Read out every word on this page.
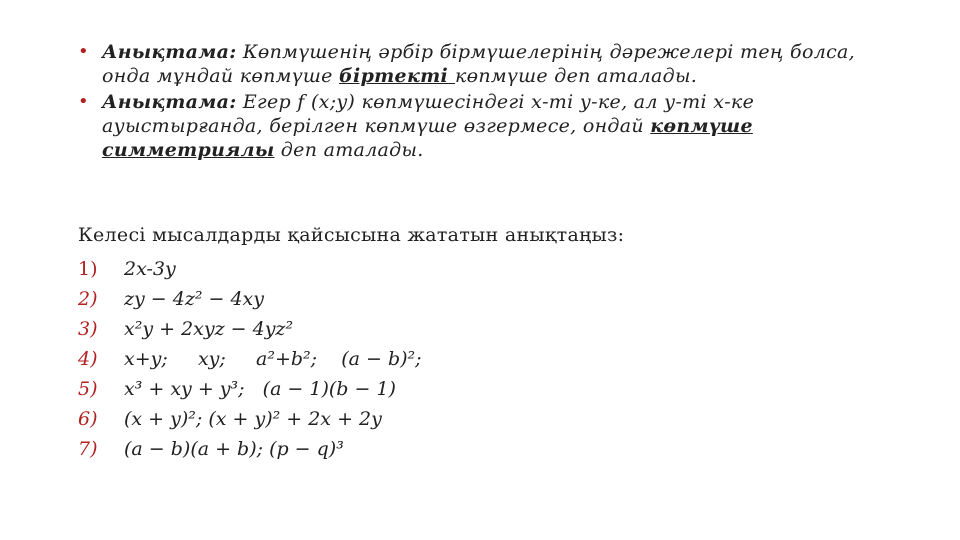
• Анықтама: Көпмүшенің әрбір бірмүшелерінің дәрежелері тең болса, онда мұндай көпмүше біртекті көпмүше деп аталады.
• Анықтама: Егер f (x;y) көпмүшесіндегі х-ті у-ке, ал у-ті х-ке ауыстырғанда, берілген көпмүше өзгермесе, ондай көпмүше симметриялы деп аталады.
Келесі мысалдарды қайсысына жататын анықтаңыз:
1)	2x-3y
2)	zy − 4z² − 4xy
3)	x²y + 2xyz − 4yz²
4)	x+y;     xy;     a²+b²;    (a − b)²;
5)	x³ + xy + y³;   (a − 1)(b − 1)
6)	(x + y)²; (x + y)² + 2x + 2y
7)	(a − b)(a + b); (p − q)³
